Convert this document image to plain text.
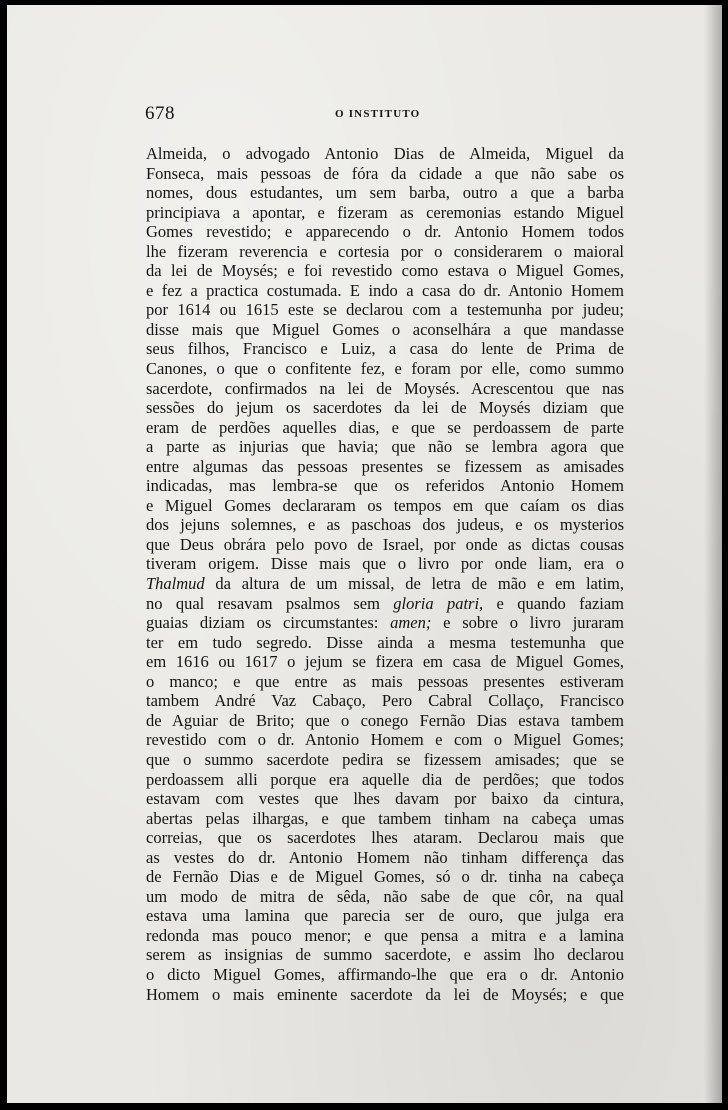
678	O INSTITUTO
Almeida, o advogado Antonio Dias de Almeida, Miguel da
Fonseca, mais pessoas de fóra da cidade a que não sabe os
nomes, dous estudantes, um sem barba, outro a que a barba
principiava a apontar, e fizeram as ceremonias estando Miguel
Gomes revestido; e apparecendo o dr. Antonio Homem todos
lhe fizeram reverencia e cortesia por o considerarem o maioral
da lei de Moysés; e foi revestido como estava o Miguel Gomes,
e fez a practica costumada. E indo a casa do dr. Antonio Homem
por 1614 ou 1615 este se declarou com a testemunha por judeu;
disse mais que Miguel Gomes o aconselhára a que mandasse
seus filhos, Francisco e Luiz, a casa do lente de Prima de
Canones, o que o confitente fez, e foram por elle, como summo
sacerdote, confirmados na lei de Moysés. Acrescentou que nas
sessões do jejum os sacerdotes da lei de Moysés diziam que
eram de perdões aquelles dias, e que se perdoassem de parte
a parte as injurias que havia; que não se lembra agora que
entre algumas das pessoas presentes se fizessem as amisades
indicadas, mas lembra-se que os referidos Antonio Homem
e Miguel Gomes declararam os tempos em que caíam os dias
dos jejuns solemnes, e as paschoas dos judeus, e os mysterios
que Deus obrára pelo povo de Israel, por onde as dictas cousas
tiveram origem. Disse mais que o livro por onde liam, era o
Thalmud da altura de um missal, de letra de mão e em latim,
no qual resavam psalmos sem gloria patri, e quando faziam
guaias diziam os circumstantes: amen; e sobre o livro juraram
ter em tudo segredo. Disse ainda a mesma testemunha que
em 1616 ou 1617 o jejum se fizera em casa de Miguel Gomes,
o manco; e que entre as mais pessoas presentes estiveram
tambem André Vaz Cabaço, Pero Cabral Collaço, Francisco
de Aguiar de Brito; que o conego Fernão Dias estava tambem
revestido com o dr. Antonio Homem e com o Miguel Gomes;
que o summo sacerdote pedira se fizessem amisades; que se
perdoassem alli porque era aquelle dia de perdões; que todos
estavam com vestes que lhes davam por baixo da cintura,
abertas pelas ilhargas, e que tambem tinham na cabeça umas
correias, que os sacerdotes lhes ataram. Declarou mais que
as vestes do dr. Antonio Homem não tinham differença das
de Fernão Dias e de Miguel Gomes, só o dr. tinha na cabeça
um modo de mitra de sêda, não sabe de que côr, na qual
estava uma lamina que parecia ser de ouro, que julga era
redonda mas pouco menor; e que pensa a mitra e a lamina
serem as insignias de summo sacerdote, e assim lho declarou
o dicto Miguel Gomes, affirmando-lhe que era o dr. Antonio
Homem o mais eminente sacerdote da lei de Moysés; e que
